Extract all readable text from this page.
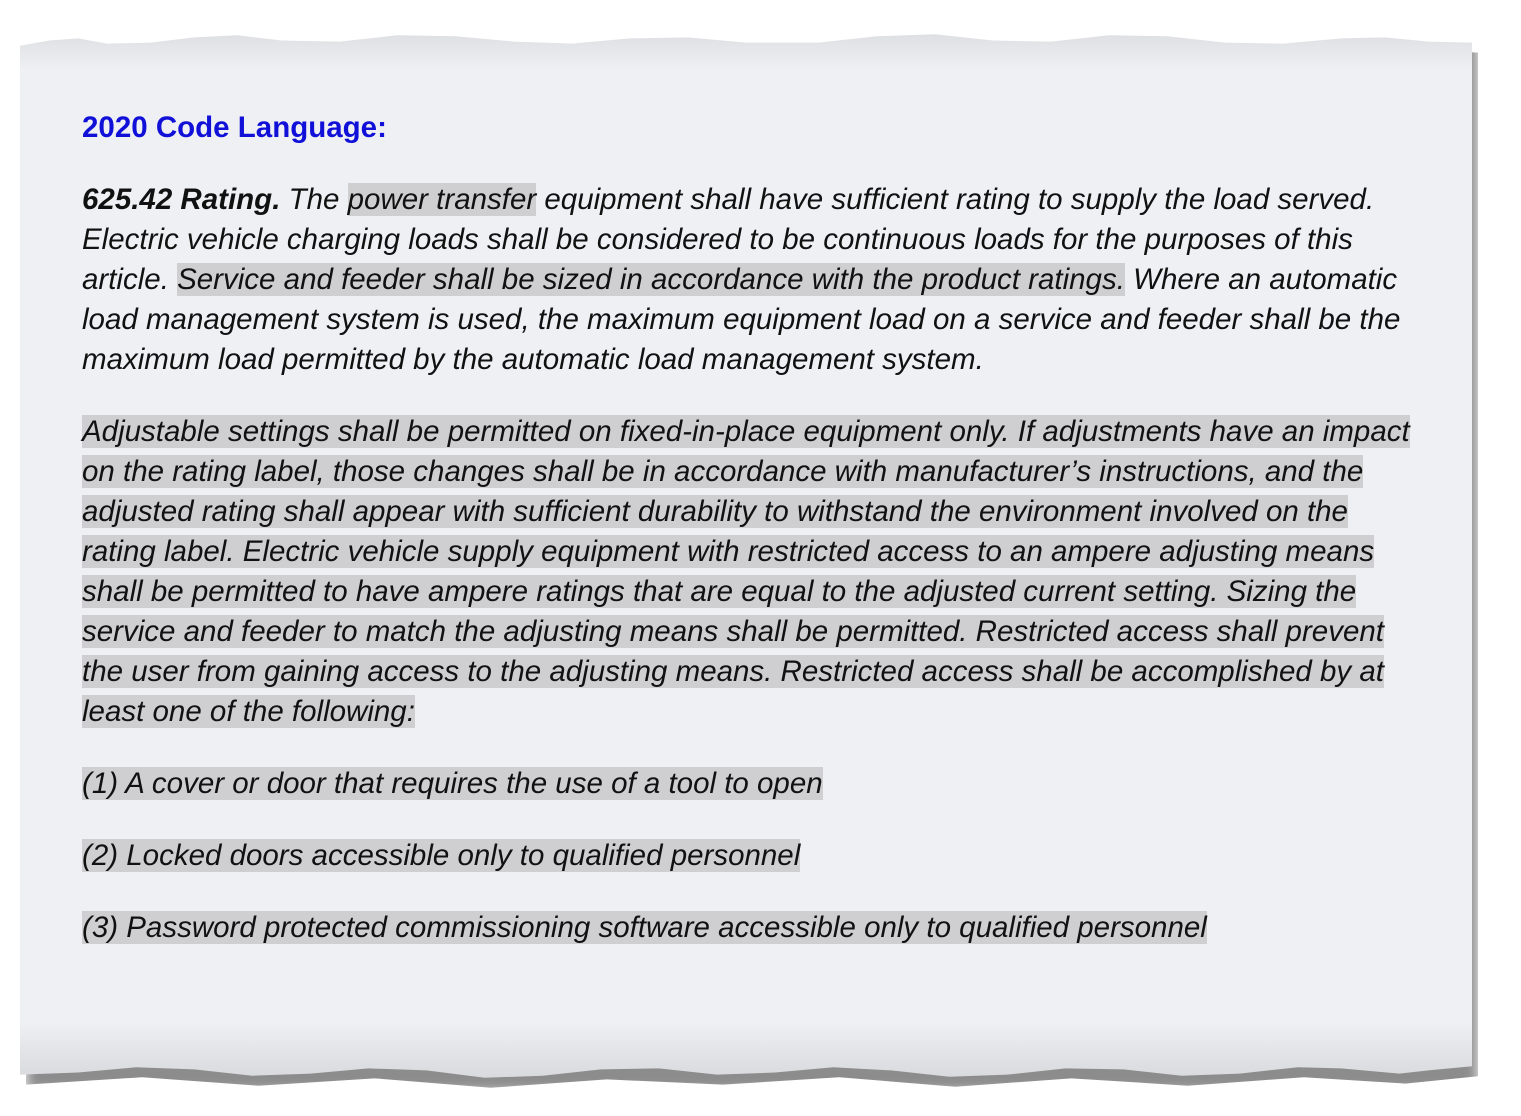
2020 Code Language:

625.42 Rating. The power transfer equipment shall have sufficient rating to supply the load served. Electric vehicle charging loads shall be considered to be continuous loads for the purposes of this article. Service and feeder shall be sized in accordance with the product ratings. Where an automatic load management system is used, the maximum equipment load on a service and feeder shall be the maximum load permitted by the automatic load management system.

Adjustable settings shall be permitted on fixed-in-place equipment only. If adjustments have an impact on the rating label, those changes shall be in accordance with manufacturer’s instructions, and the adjusted rating shall appear with sufficient durability to withstand the environment involved on the rating label. Electric vehicle supply equipment with restricted access to an ampere adjusting means shall be permitted to have ampere ratings that are equal to the adjusted current setting. Sizing the service and feeder to match the adjusting means shall be permitted. Restricted access shall prevent the user from gaining access to the adjusting means. Restricted access shall be accomplished by at least one of the following:

(1) A cover or door that requires the use of a tool to open

(2) Locked doors accessible only to qualified personnel

(3) Password protected commissioning software accessible only to qualified personnel
